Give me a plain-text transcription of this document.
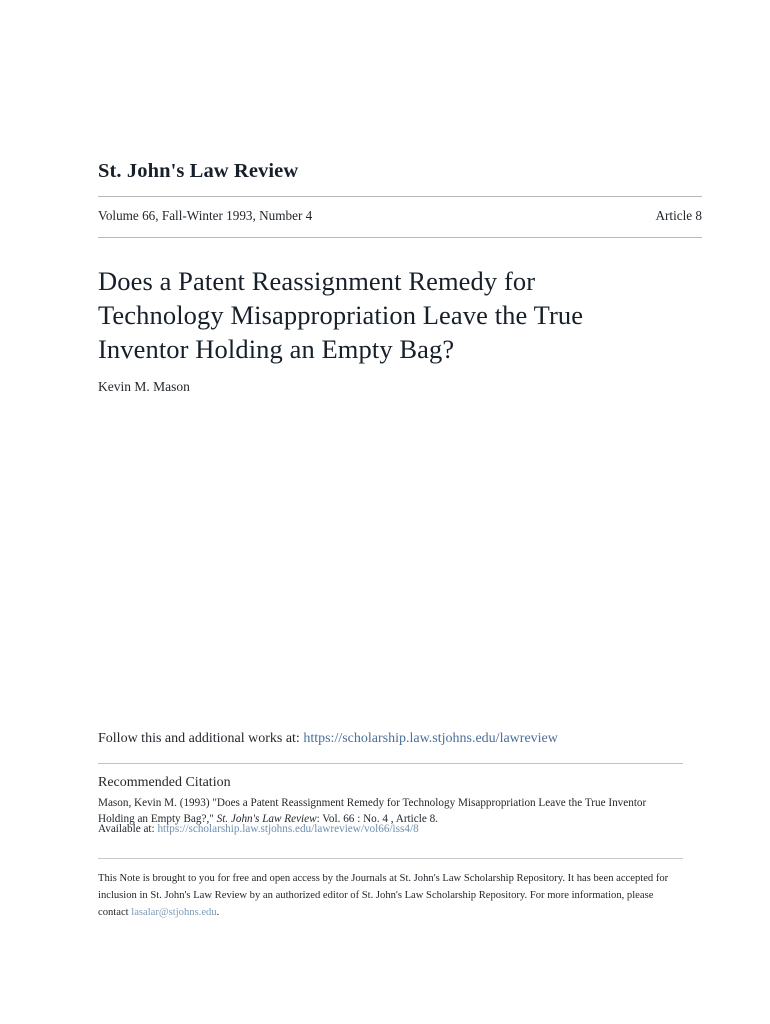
St. John's Law Review
Volume 66, Fall-Winter 1993, Number 4	Article 8
Does a Patent Reassignment Remedy for Technology Misappropriation Leave the True Inventor Holding an Empty Bag?
Kevin M. Mason
Follow this and additional works at: https://scholarship.law.stjohns.edu/lawreview
Recommended Citation
Mason, Kevin M. (1993) "Does a Patent Reassignment Remedy for Technology Misappropriation Leave the True Inventor Holding an Empty Bag?," St. John's Law Review: Vol. 66 : No. 4 , Article 8.
Available at: https://scholarship.law.stjohns.edu/lawreview/vol66/iss4/8
This Note is brought to you for free and open access by the Journals at St. John's Law Scholarship Repository. It has been accepted for inclusion in St. John's Law Review by an authorized editor of St. John's Law Scholarship Repository. For more information, please contact lasalar@stjohns.edu.
